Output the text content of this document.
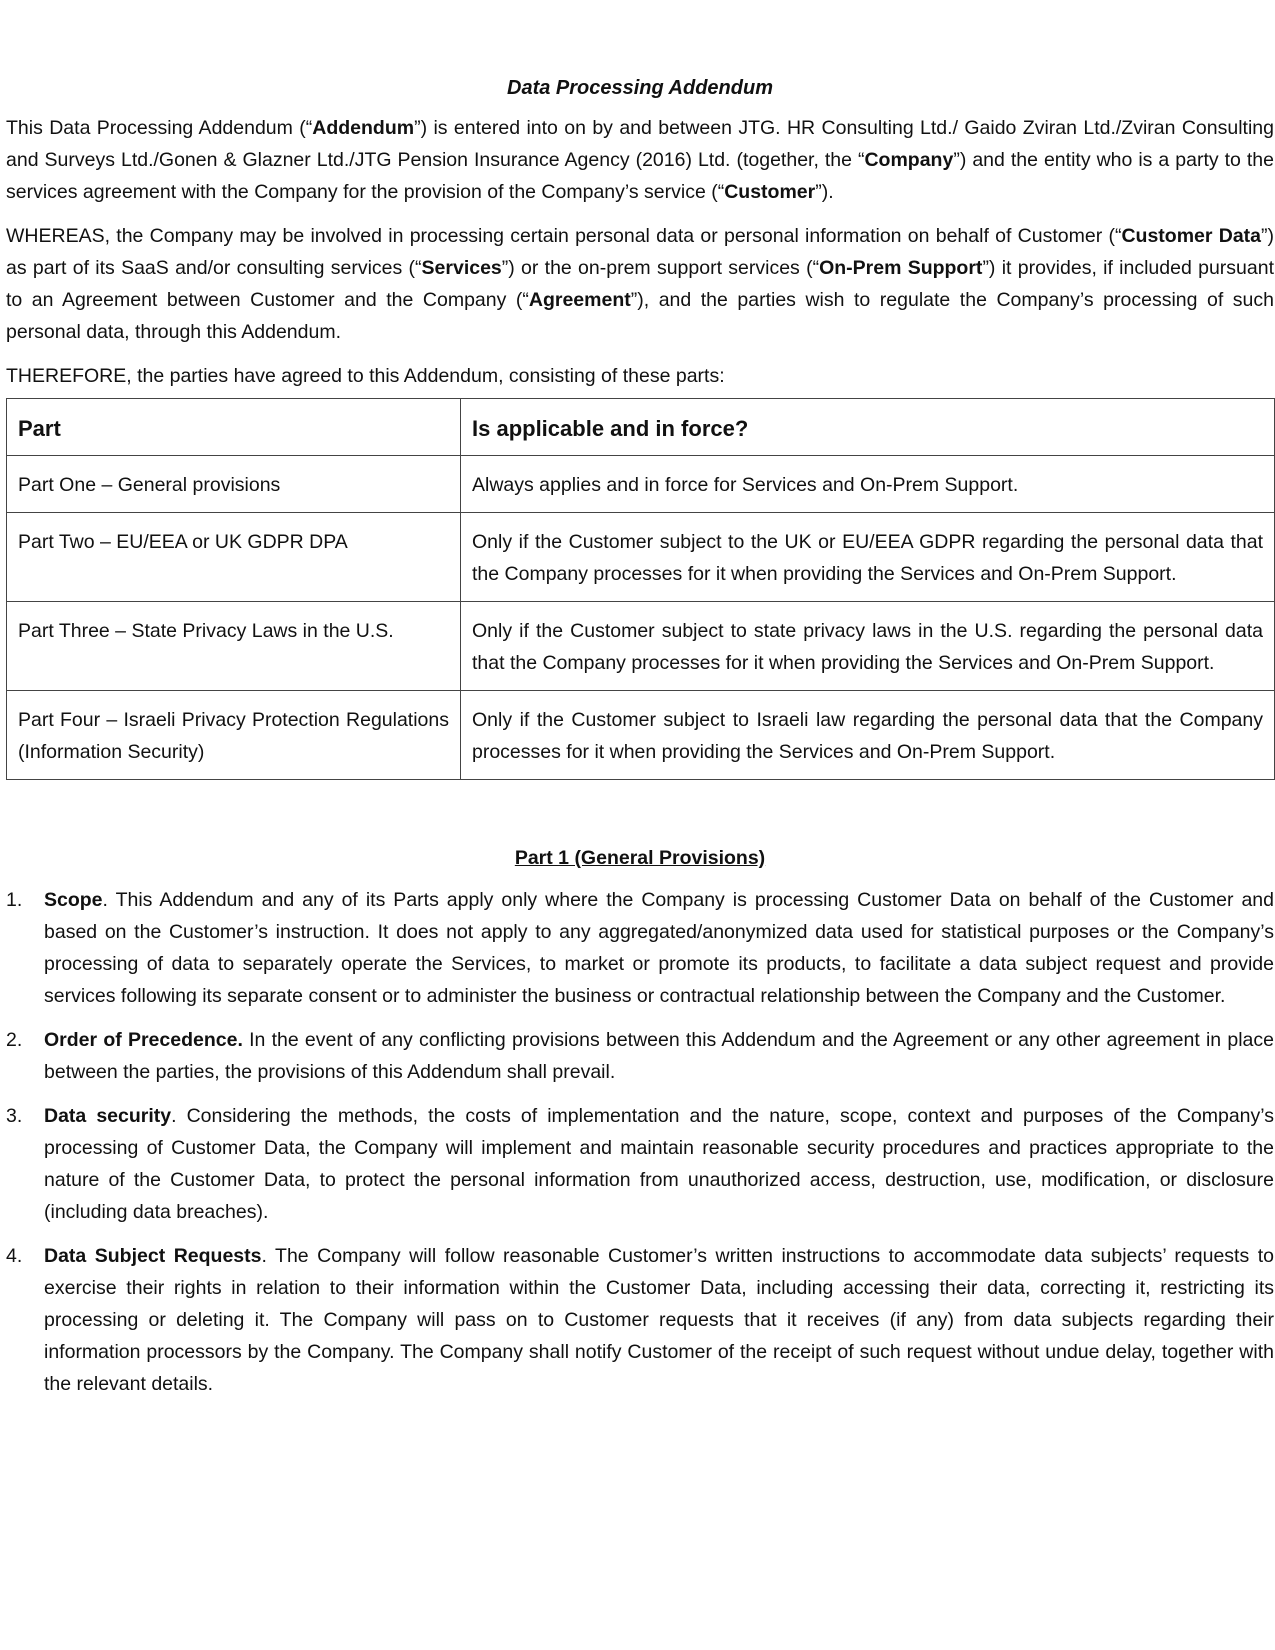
Data Processing Addendum

This Data Processing Addendum (“Addendum”) is entered into on by and between JTG. HR Consulting Ltd./ Gaido Zviran Ltd./Zviran Consulting and Surveys Ltd./Gonen & Glazner Ltd./JTG Pension Insurance Agency (2016) Ltd. (together, the “Company”) and the entity who is a party to the services agreement with the Company for the provision of the Company’s service (“Customer”).

WHEREAS, the Company may be involved in processing certain personal data or personal information on behalf of Customer (“Customer Data”) as part of its SaaS and/or consulting services (“Services”) or the on-prem support services (“On-Prem Support”) it provides, if included pursuant to an Agreement between Customer and the Company (“Agreement”), and the parties wish to regulate the Company’s processing of such personal data, through this Addendum.

THEREFORE, the parties have agreed to this Addendum, consisting of these parts:

Part	Is applicable and in force?
Part One – General provisions	Always applies and in force for Services and On-Prem Support.
Part Two – EU/EEA or UK GDPR DPA	Only if the Customer subject to the UK or EU/EEA GDPR regarding the personal data that the Company processes for it when providing the Services and On-Prem Support.
Part Three – State Privacy Laws in the U.S.	Only if the Customer subject to state privacy laws in the U.S. regarding the personal data that the Company processes for it when providing the Services and On-Prem Support.
Part Four – Israeli Privacy Protection Regulations (Information Security)	Only if the Customer subject to Israeli law regarding the personal data that the Company processes for it when providing the Services and On-Prem Support.
Part 1 (General Provisions)
1. Scope. This Addendum and any of its Parts apply only where the Company is processing Customer Data on behalf of the Customer and based on the Customer’s instruction. It does not apply to any aggregated/anonymized data used for statistical purposes or the Company’s processing of data to separately operate the Services, to market or promote its products, to facilitate a data subject request and provide services following its separate consent or to administer the business or contractual relationship between the Company and the Customer.
2. Order of Precedence. In the event of any conflicting provisions between this Addendum and the Agreement or any other agreement in place between the parties, the provisions of this Addendum shall prevail.
3. Data security. Considering the methods, the costs of implementation and the nature, scope, context and purposes of the Company’s processing of Customer Data, the Company will implement and maintain reasonable security procedures and practices appropriate to the nature of the Customer Data, to protect the personal information from unauthorized access, destruction, use, modification, or disclosure (including data breaches).
4. Data Subject Requests. The Company will follow reasonable Customer’s written instructions to accommodate data subjects’ requests to exercise their rights in relation to their information within the Customer Data, including accessing their data, correcting it, restricting its processing or deleting it. The Company will pass on to Customer requests that it receives (if any) from data subjects regarding their information processors by the Company. The Company shall notify Customer of the receipt of such request without undue delay, together with the relevant details.
